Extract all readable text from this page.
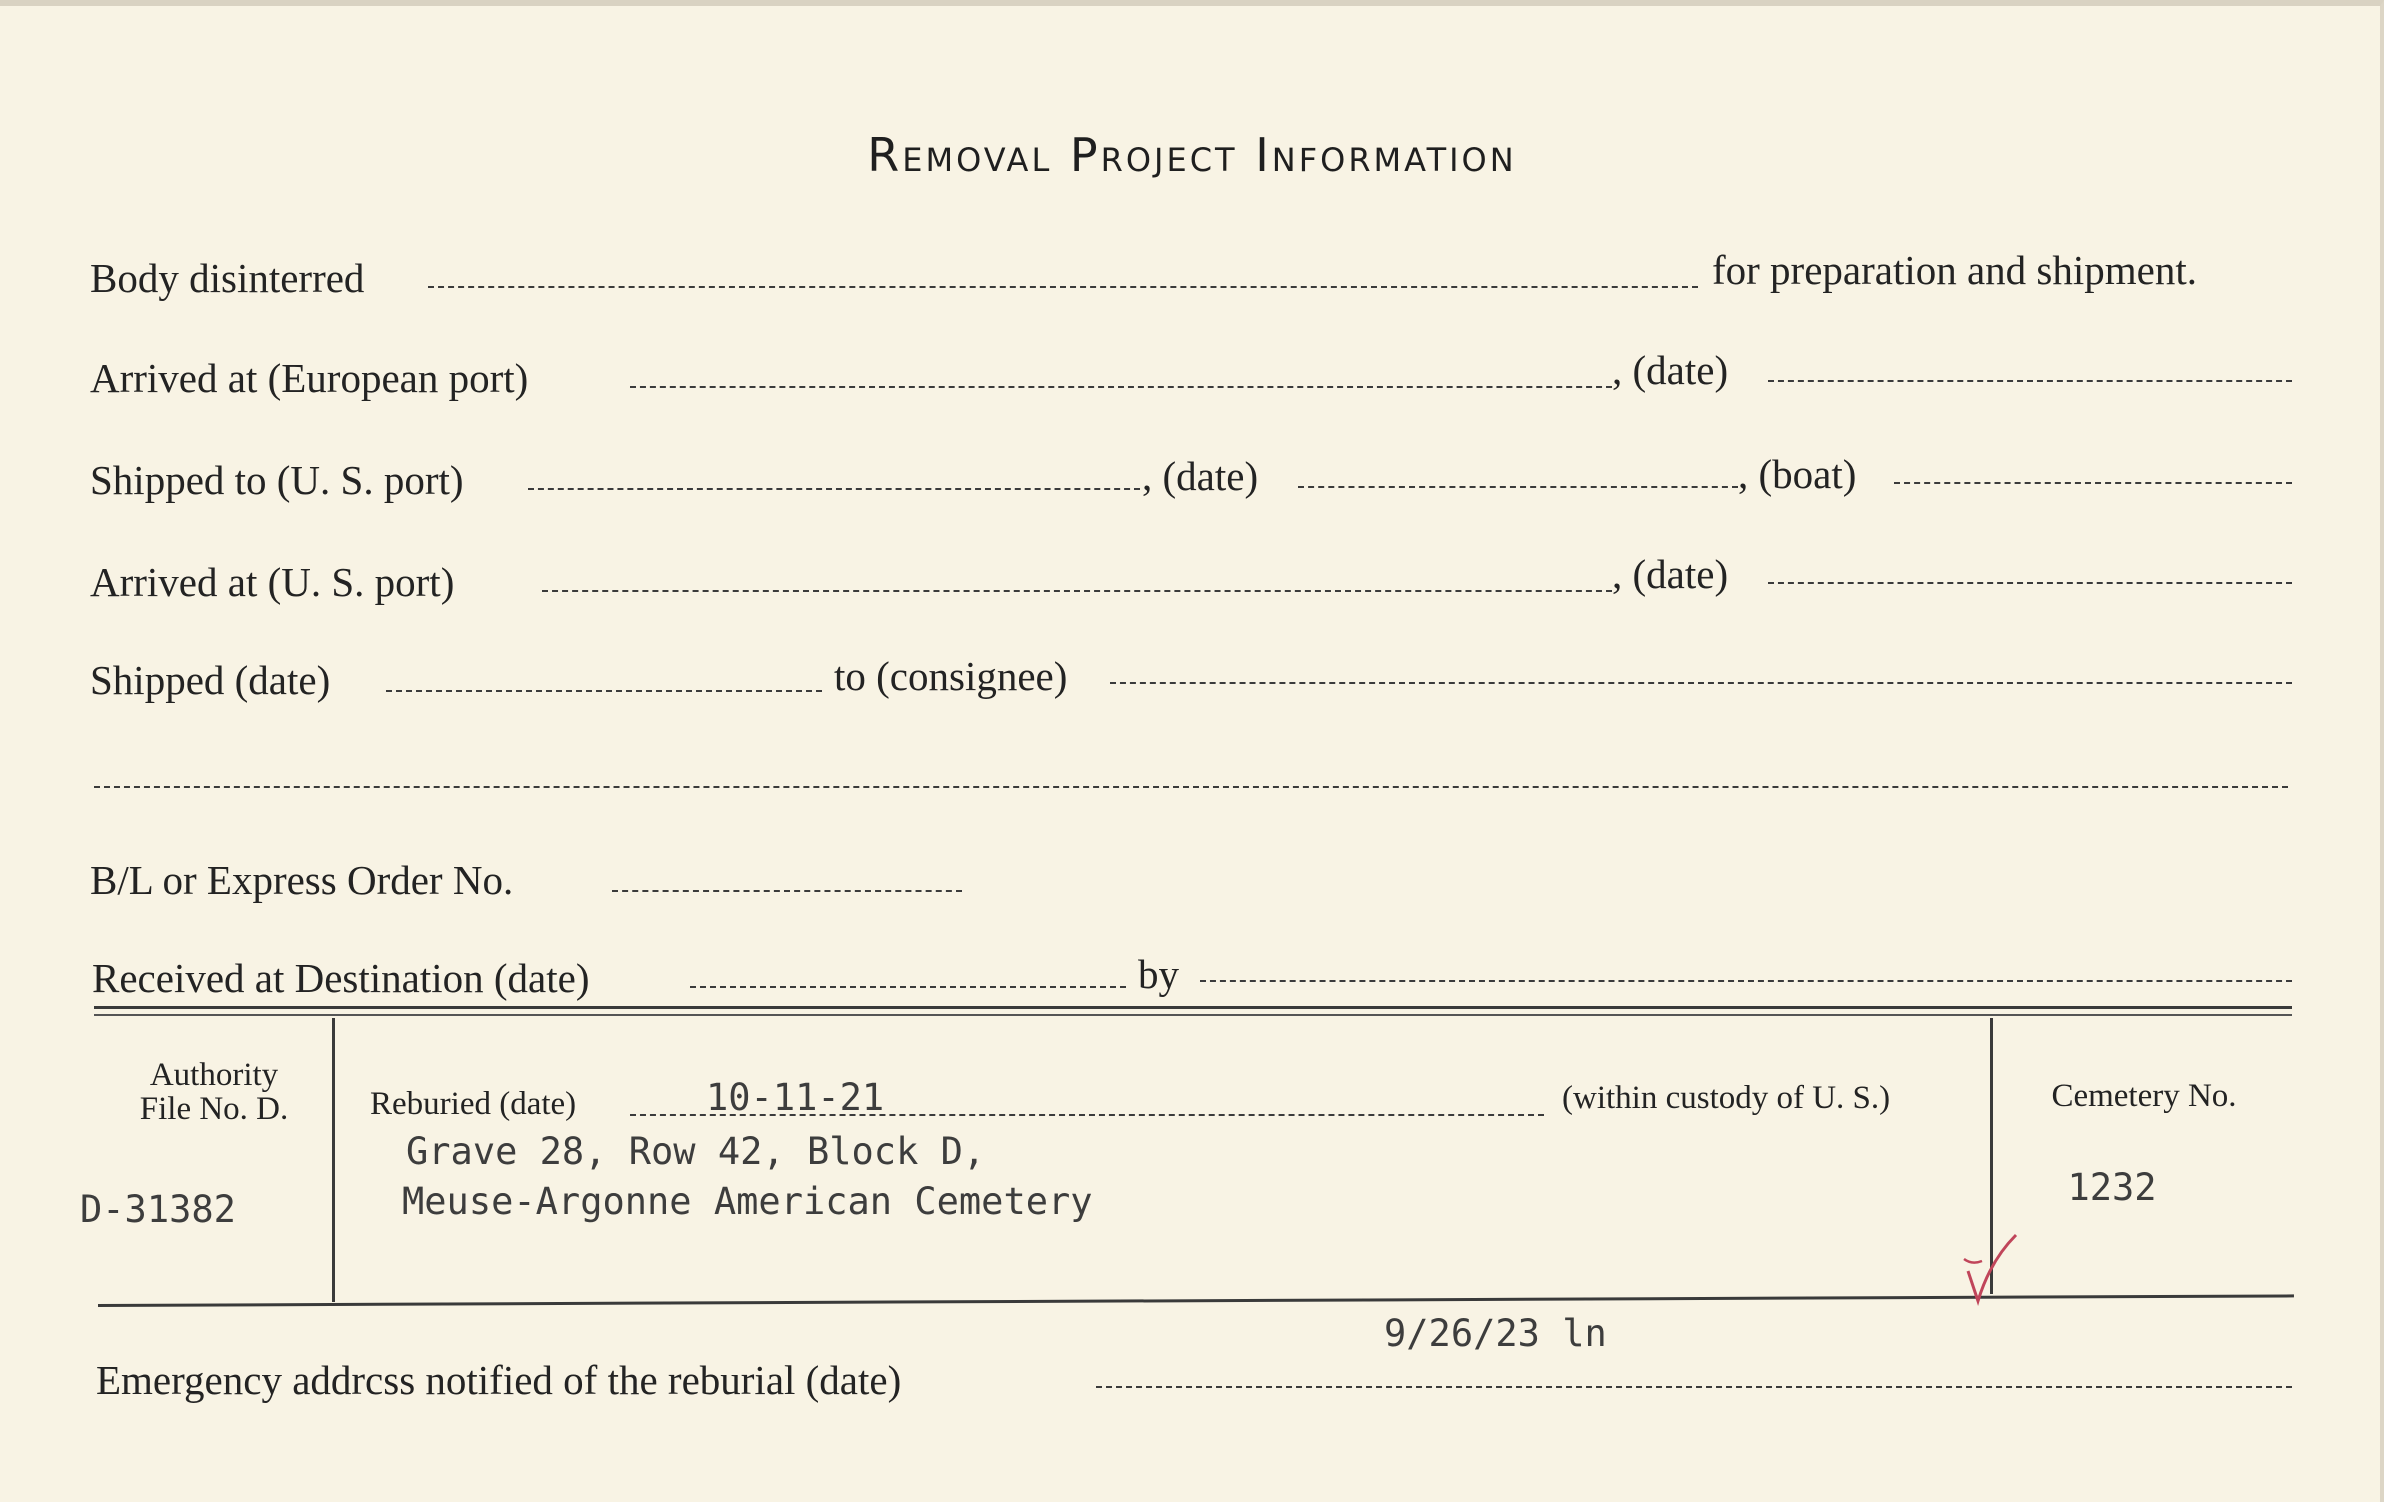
Removal Project Information
Body disinterred	for preparation and shipment.
Arrived at (European port)	, (date)
Shipped to (U. S. port)	, (date)	, (boat)
Arrived at (U. S. port)	, (date)
Shipped (date)	to (consignee)
B/L or Express Order No.
Received at Destination (date)	by
Authority
File No. D.
D-31382
Reburied (date)	10-11-21	(within custody of U. S.)
Grave 28, Row 42, Block D,
Meuse-Argonne American Cemetery
Cemetery No.
1232
9/26/23 ln
Emergency addrcss notified of the reburial (date)
